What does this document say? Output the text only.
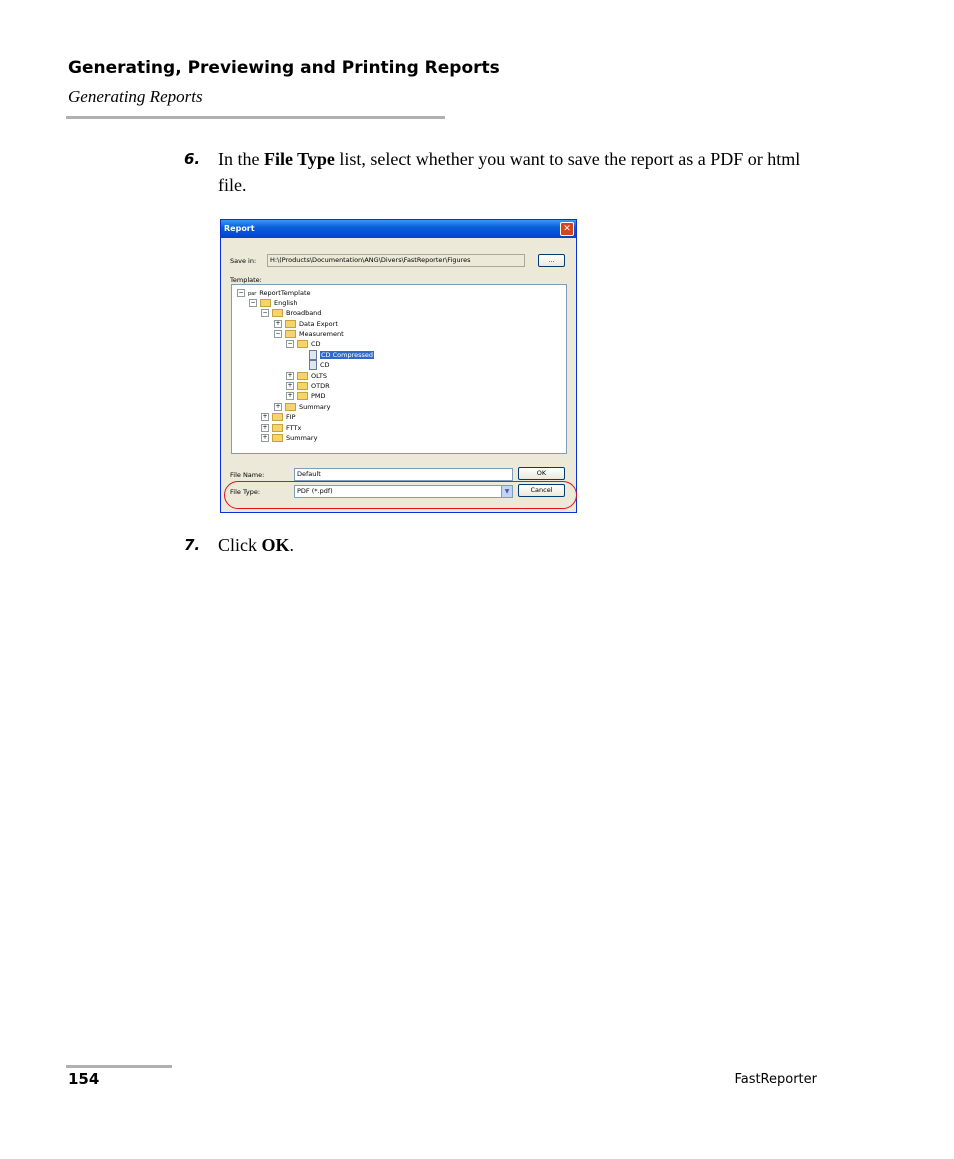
Generating, Previewing and Printing Reports
Generating Reports
6. In the File Type list, select whether you want to save the report as a PDF or html file.
Report	✕
Save in:	H:\(Products\Documentation\ANG\Divers\FastReporter\Figures	...
Template:
− par ReportTemplate
−	English
−	Broadband
+	Data Export
−	Measurement
−	CD
CD Compressed
CD
+	OLTS
+	OTDR
+	PMD
+	Summary
+	FIP
+	FTTx
+	Summary
File Name:	Default	OK
File Type:	PDF (*.pdf)	▼	Cancel
7. Click OK.
154	FastReporter
